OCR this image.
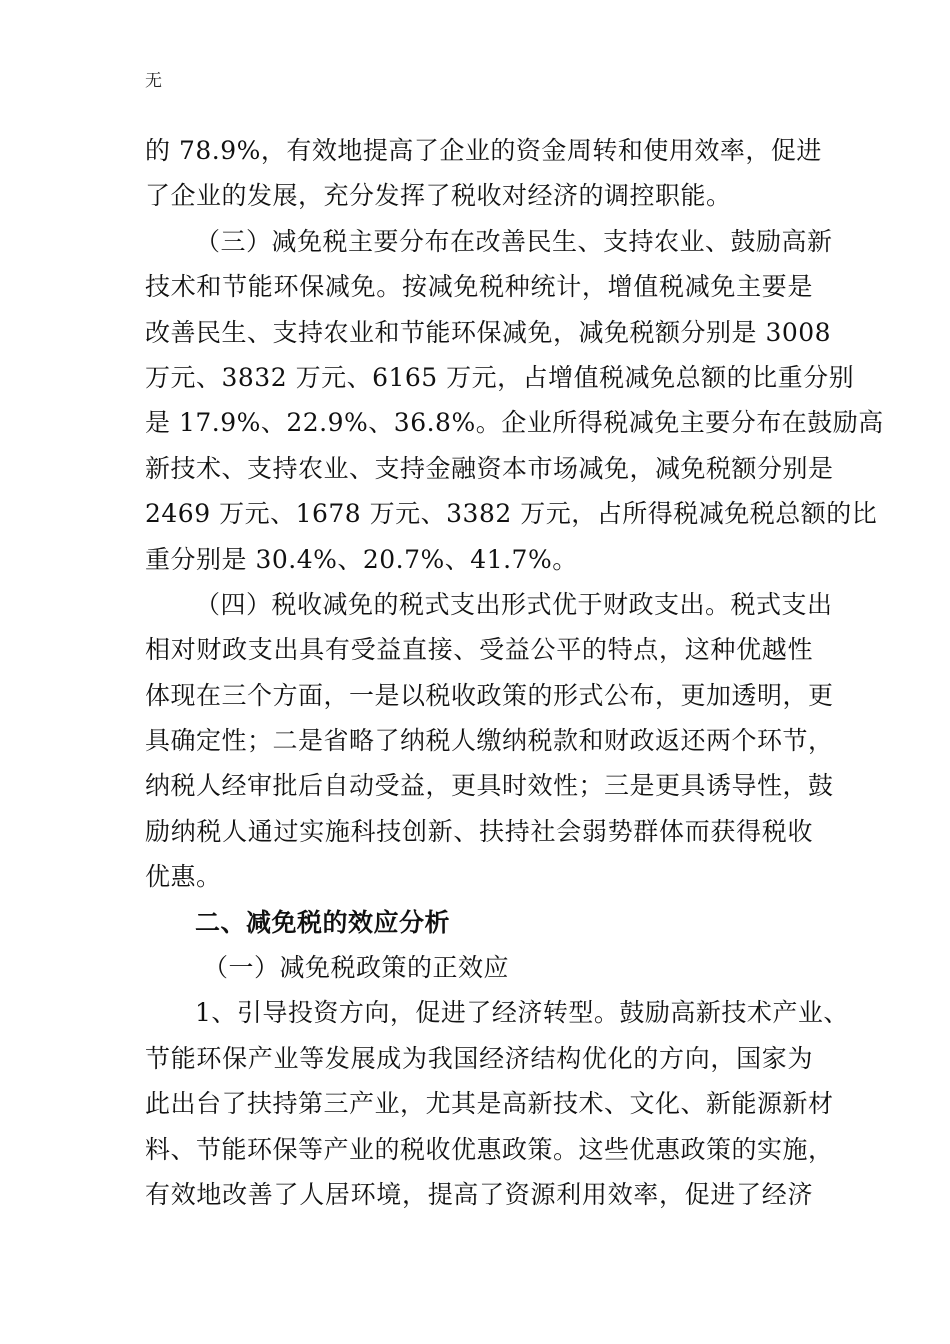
无
的 78.9%，有效地提高了企业的资金周转和使用效率，促进
了企业的发展，充分发挥了税收对经济的调控职能。
（三）减免税主要分布在改善民生、支持农业、鼓励高新
技术和节能环保减免。按减免税种统计，增值税减免主要是
改善民生、支持农业和节能环保减免，减免税额分别是 3008
万元、3832 万元、6165 万元，占增值税减免总额的比重分别
是 17.9%、22.9%、36.8%。企业所得税减免主要分布在鼓励高
新技术、支持农业、支持金融资本市场减免，减免税额分别是
2469 万元、1678 万元、3382 万元，占所得税减免税总额的比
重分别是 30.4%、20.7%、41.7%。
（四）税收减免的税式支出形式优于财政支出。税式支出
相对财政支出具有受益直接、受益公平的特点，这种优越性
体现在三个方面，一是以税收政策的形式公布，更加透明，更
具确定性；二是省略了纳税人缴纳税款和财政返还两个环节，
纳税人经审批后自动受益，更具时效性；三是更具诱导性，鼓
励纳税人通过实施科技创新、扶持社会弱势群体而获得税收
优惠。
二、减免税的效应分析
（一）减免税政策的正效应
1、引导投资方向，促进了经济转型。鼓励高新技术产业、
节能环保产业等发展成为我国经济结构优化的方向，国家为
此出台了扶持第三产业，尤其是高新技术、文化、新能源新材
料、节能环保等产业的税收优惠政策。这些优惠政策的实施，
有效地改善了人居环境，提高了资源利用效率，促进了经济
